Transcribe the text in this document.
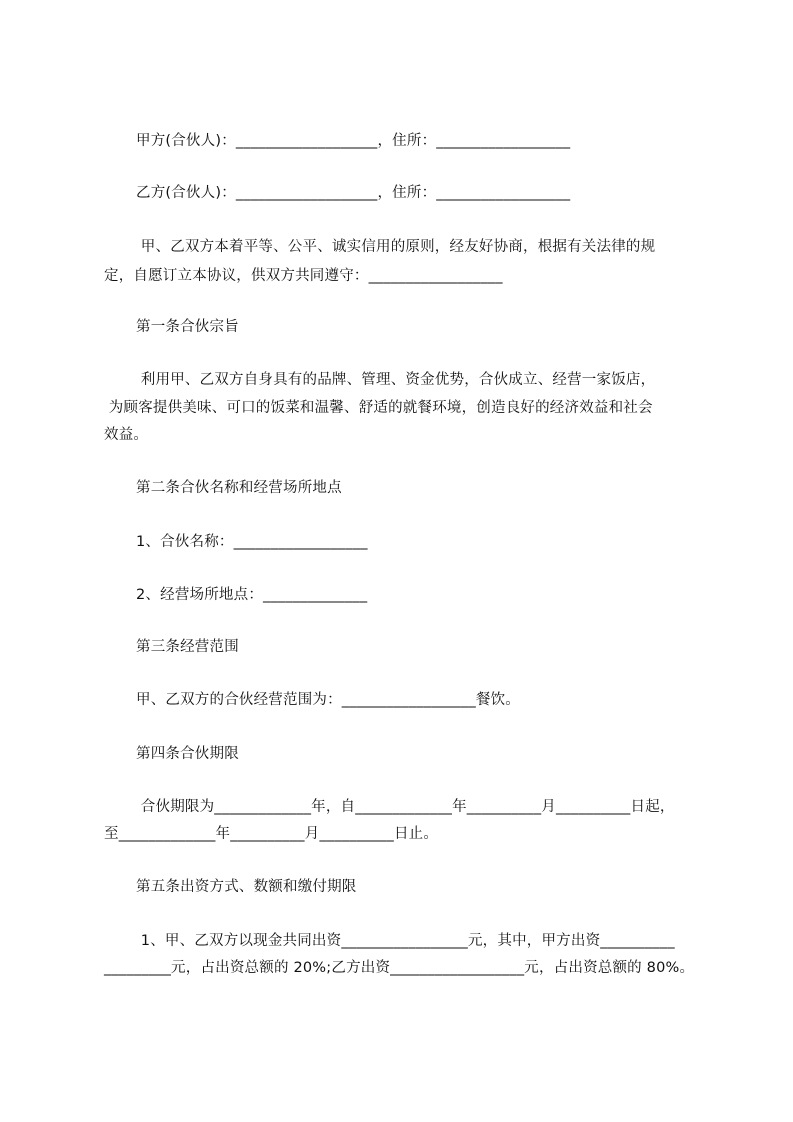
甲方(合伙人)：___________________，住所：__________________
乙方(合伙人)：___________________，住所：__________________
甲、乙双方本着平等、公平、诚实信用的原则，经友好协商，根据有关法律的规
定，自愿订立本协议，供双方共同遵守：__________________
第一条合伙宗旨
利用甲、乙双方自身具有的品牌、管理、资金优势，合伙成立、经营一家饭店，
为顾客提供美味、可口的饭菜和温馨、舒适的就餐环境，创造良好的经济效益和社会
效益。
第二条合伙名称和经营场所地点
1、合伙名称：__________________
2、经营场所地点：______________
第三条经营范围
甲、乙双方的合伙经营范围为：__________________餐饮。
第四条合伙期限
合伙期限为_____________年，自_____________年__________月__________日起，
至_____________年__________月__________日止。
第五条出资方式、数额和缴付期限
1、甲、乙双方以现金共同出资_________________元，其中，甲方出资__________
_________元，占出资总额的 20%;乙方出资__________________元，占出资总额的 80%。
